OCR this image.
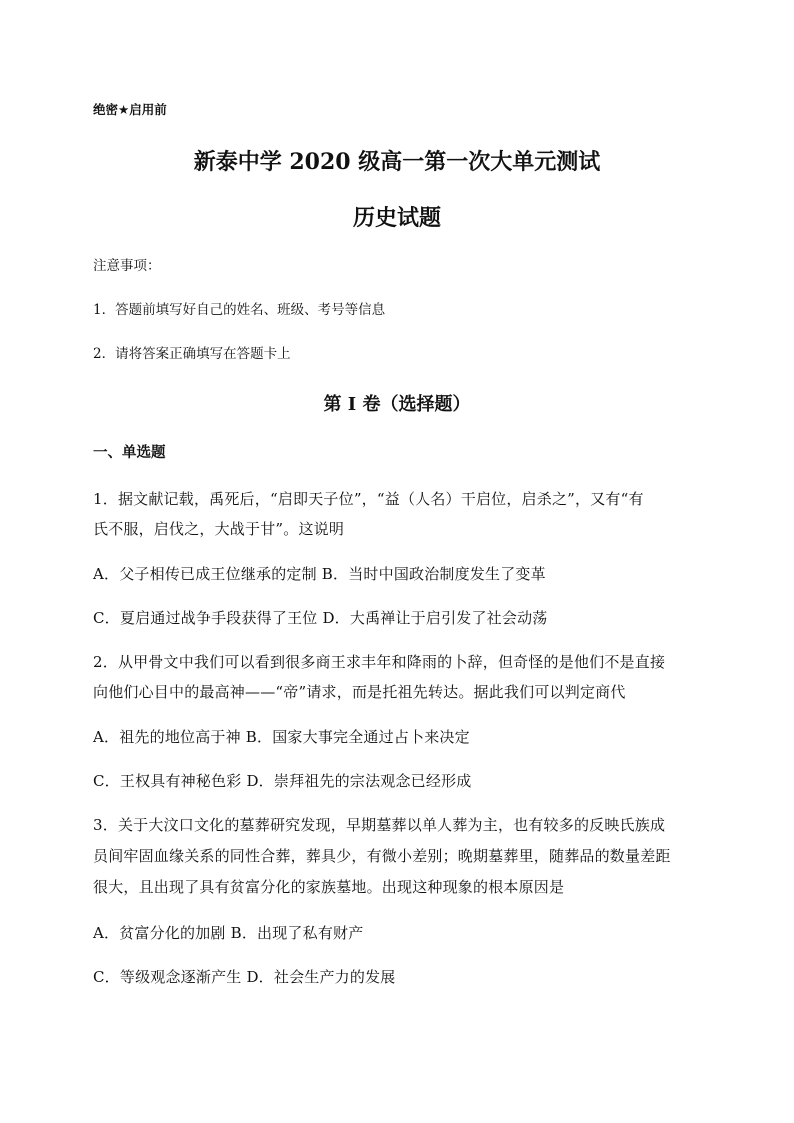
绝密★启用前
新泰中学 2020 级高一第一次大单元测试
历史试题
注意事项：
1．答题前填写好自己的姓名、班级、考号等信息
2．请将答案正确填写在答题卡上
第 I 卷（选择题）
一、单选题
1．据文献记载，禹死后，“启即天子位”，“益（人名）干启位，启杀之”，又有“有
氏不服，启伐之，大战于甘”。这说明
A．父子相传已成王位继承的定制 B．当时中国政治制度发生了变革
C．夏启通过战争手段获得了王位 D．大禹禅让于启引发了社会动荡
2．从甲骨文中我们可以看到很多商王求丰年和降雨的卜辞，但奇怪的是他们不是直接
向他们心目中的最高神——“帝”请求，而是托祖先转达。据此我们可以判定商代
A．祖先的地位高于神 B．国家大事完全通过占卜来决定
C．王权具有神秘色彩 D．崇拜祖先的宗法观念已经形成
3．关于大汶口文化的墓葬研究发现，早期墓葬以单人葬为主，也有较多的反映氏族成
员间牢固血缘关系的同性合葬，葬具少，有微小差别；晚期墓葬里，随葬品的数量差距
很大，且出现了具有贫富分化的家族墓地。出现这种现象的根本原因是
A．贫富分化的加剧 B．出现了私有财产
C．等级观念逐渐产生 D．社会生产力的发展
